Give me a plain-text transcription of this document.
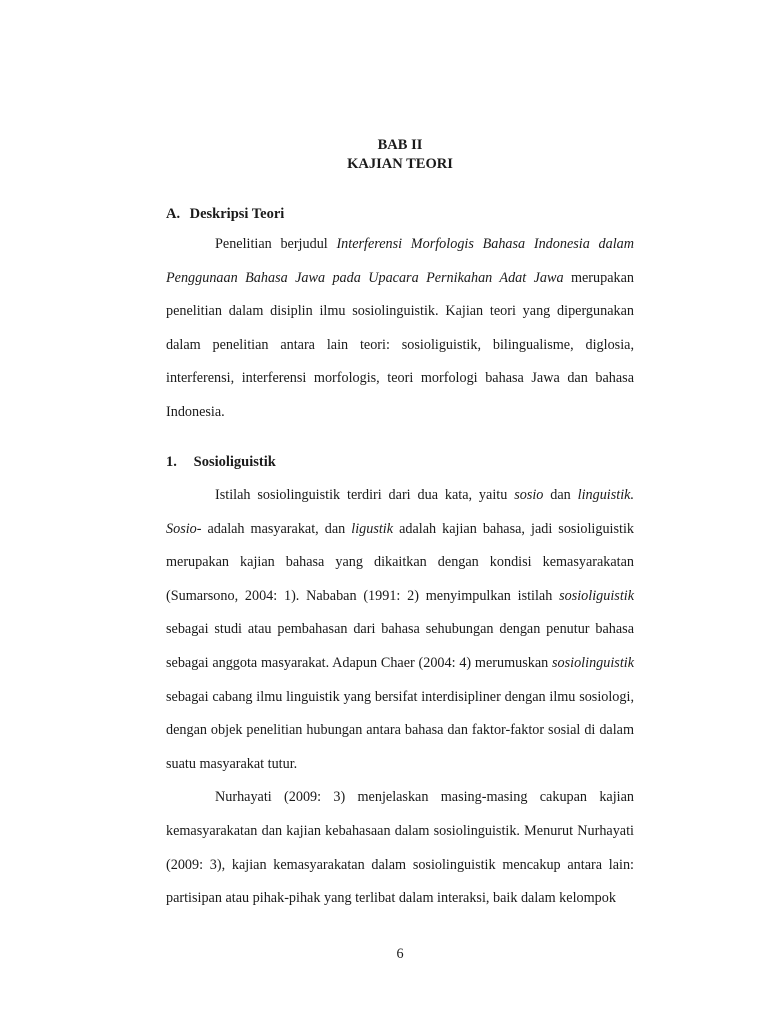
BAB II
KAJIAN TEORI
A. Deskripsi Teori

Penelitian berjudul Interferensi Morfologis Bahasa Indonesia dalam Penggunaan Bahasa Jawa pada Upacara Pernikahan Adat Jawa merupakan penelitian dalam disiplin ilmu sosiolinguistik. Kajian teori yang dipergunakan dalam penelitian antara lain teori: sosioliguistik, bilingualisme, diglosia, interferensi, interferensi morfologis, teori morfologi bahasa Jawa dan bahasa Indonesia.

1. Sosioliguistik

Istilah sosiolinguistik terdiri dari dua kata, yaitu sosio dan linguistik. Sosio- adalah masyarakat, dan ligustik adalah kajian bahasa, jadi sosioliguistik merupakan kajian bahasa yang dikaitkan dengan kondisi kemasyarakatan (Sumarsono, 2004: 1). Nababan (1991: 2) menyimpulkan istilah sosioliguistik sebagai studi atau pembahasan dari bahasa sehubungan dengan penutur bahasa sebagai anggota masyarakat. Adapun Chaer (2004: 4) merumuskan sosiolinguistik sebagai cabang ilmu linguistik yang bersifat interdisipliner dengan ilmu sosiologi, dengan objek penelitian hubungan antara bahasa dan faktor-faktor sosial di dalam suatu masyarakat tutur.

Nurhayati (2009: 3) menjelaskan masing-masing cakupan kajian kemasyarakatan dan kajian kebahasaan dalam sosiolinguistik. Menurut Nurhayati (2009: 3), kajian kemasyarakatan dalam sosiolinguistik mencakup antara lain: partisipan atau pihak-pihak yang terlibat dalam interaksi, baik dalam kelompok

6
